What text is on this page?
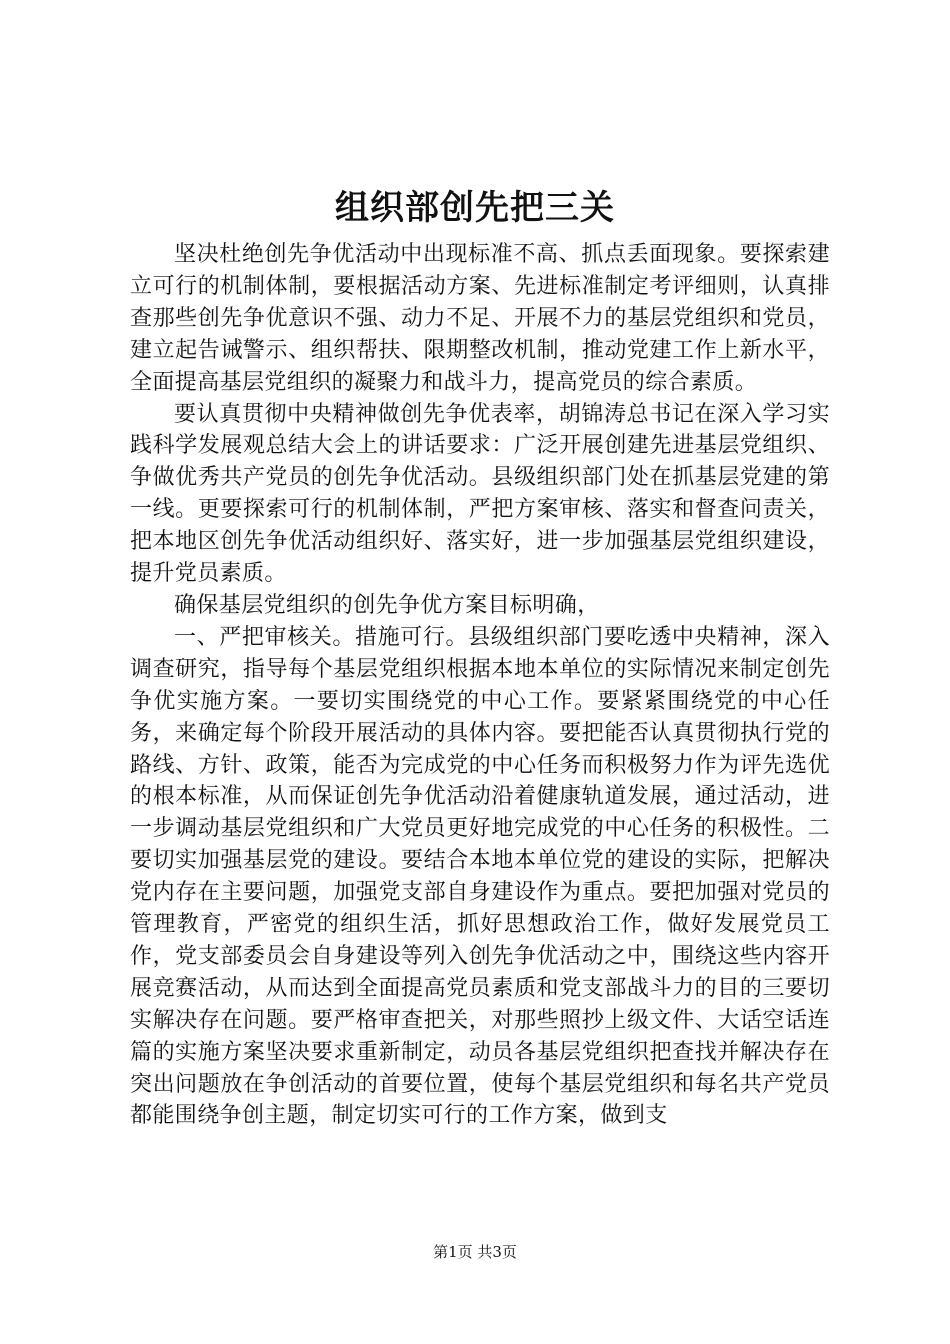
组织部创先把三关

坚决杜绝创先争优活动中出现标准不高、抓点丢面现象。要探索建立可行的机制体制，要根据活动方案、先进标准制定考评细则，认真排查那些创先争优意识不强、动力不足、开展不力的基层党组织和党员，建立起告诫警示、组织帮扶、限期整改机制，推动党建工作上新水平，全面提高基层党组织的凝聚力和战斗力，提高党员的综合素质。

要认真贯彻中央精神做创先争优表率，胡锦涛总书记在深入学习实践科学发展观总结大会上的讲话要求：广泛开展创建先进基层党组织、争做优秀共产党员的创先争优活动。县级组织部门处在抓基层党建的第一线。更要探索可行的机制体制，严把方案审核、落实和督查问责关，把本地区创先争优活动组织好、落实好，进一步加强基层党组织建设，提升党员素质。

确保基层党组织的创先争优方案目标明确，

一、严把审核关。措施可行。县级组织部门要吃透中央精神，深入调查研究，指导每个基层党组织根据本地本单位的实际情况来制定创先争优实施方案。一要切实围绕党的中心工作。要紧紧围绕党的中心任务，来确定每个阶段开展活动的具体内容。要把能否认真贯彻执行党的路线、方针、政策，能否为完成党的中心任务而积极努力作为评先选优的根本标准，从而保证创先争优活动沿着健康轨道发展，通过活动，进一步调动基层党组织和广大党员更好地完成党的中心任务的积极性。二要切实加强基层党的建设。要结合本地本单位党的建设的实际，把解决党内存在主要问题，加强党支部自身建设作为重点。要把加强对党员的管理教育，严密党的组织生活，抓好思想政治工作，做好发展党员工作，党支部委员会自身建设等列入创先争优活动之中，围绕这些内容开展竞赛活动，从而达到全面提高党员素质和党支部战斗力的目的三要切实解决存在问题。要严格审查把关，对那些照抄上级文件、大话空话连篇的实施方案坚决要求重新制定，动员各基层党组织把查找并解决存在突出问题放在争创活动的首要位置，使每个基层党组织和每名共产党员都能围绕争创主题，制定切实可行的工作方案，做到支

第1页 共3页
